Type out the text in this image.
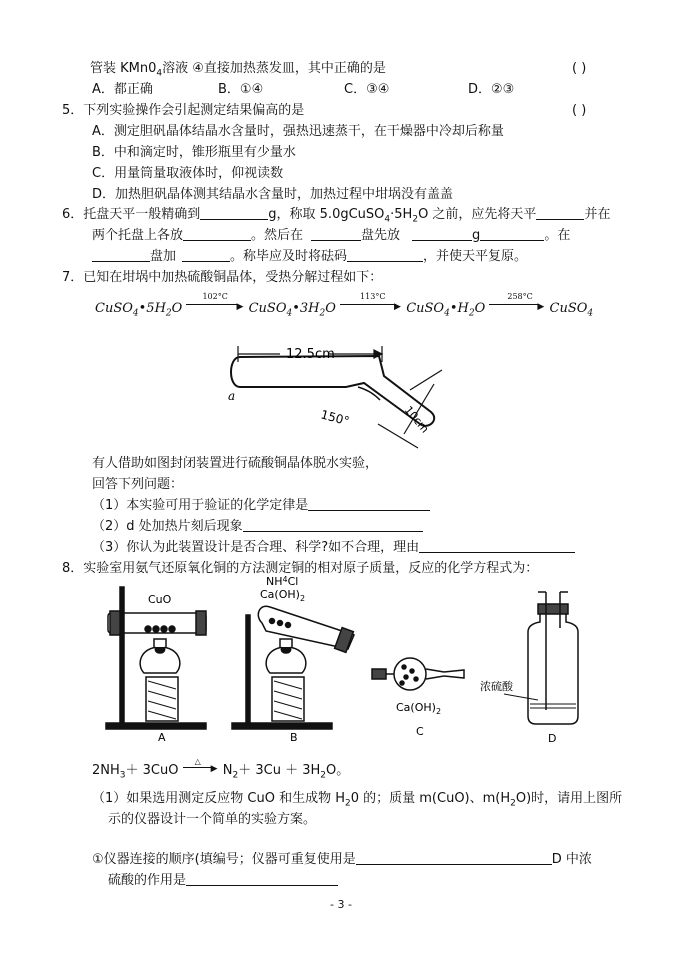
管装 $KMn0_4$溶液 ④直接加热蒸发皿，其中正确的是	( )
A．都正确	B．①④	C．③④	D．②③
5．下列实验操作会引起测定结果偏高的是	( )
A．测定胆矾晶体结晶水含量时，强热迅速蒸干，在干燥器中冷却后称量
B．中和滴定时，锥形瓶里有少量水
C．用量筒量取液体时，仰视读数
D．加热胆矾晶体测其结晶水含量时，加热过程中坩埚没有盖盖
6．托盘天平一般精确到	g，称取 $5.0gCuSO_4\cdot 5H_2O$ 之前，应先将天平	并在
两个托盘上各放	。然后在	盘先放	g	。在
盘加	。称毕应及时将砝码	，并使天平复原。
7．已知在坩埚中加热硫酸铜晶体，受热分解过程如下：
$CuSO_4•5H_2O$
102°C
▶ $CuSO_4•3H_2O$
113°C
▶ $CuSO_4•H_2O$
258°C
▶ CuSO$_4$
12.5cm
a
150°	10cm
有人借助如图封闭装置进行硫酸铜晶体脱水实验，
回答下列问题：
（1）本实验可用于验证的化学定律是
（2）d 处加热片刻后现象
（3）你认为此装置设计是否合理、科学?如不合理，理由
8．实验室用氨气还原氧化铜的方法测定铜的相对原子质量，反应的化学方程式为：
CuO
A
$NH^4Cl$
$Ca(OH)_2$
B
$Ca(OH)_2$
C
浓硫酸
D
$2NH_3+ 3CuO$
△
▶ $N_2+ 3Cu + 3H_2O$。
（1）如果选用测定反应物 CuO 和生成物 $H_20$ 的；质量 m(CuO)、$m(H_2O)$时，请用上图所
示的仪器设计一个简单的实验方案。
①仪器连接的顺序(填编号；仪器可重复使用是	D 中浓
硫酸的作用是
- 3 -
